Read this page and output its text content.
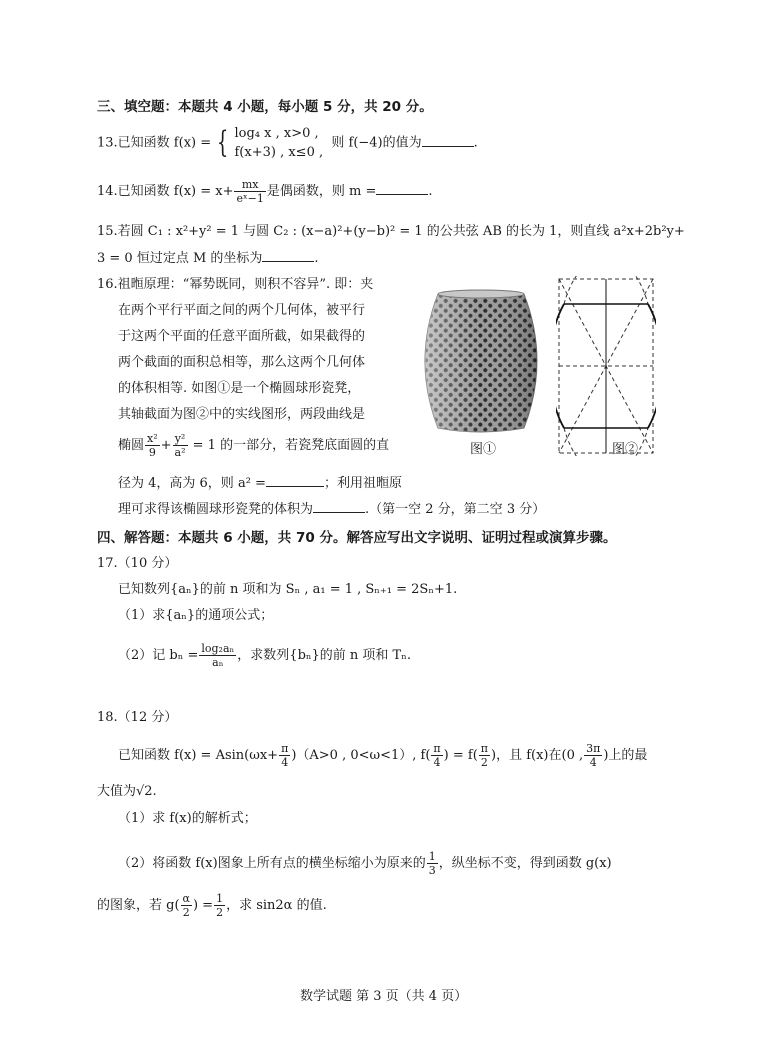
三、填空题：本题共 4 小题，每小题 5 分，共 20 分。
13.已知函数 f(x) = { log₄ x , x>0 ,
f(x+3) , x≤0 ,
则 f(−4)的值为	.
14.已知函数 $f(x) = x+ \frac{mx}{\text{eˣ−1}}$ 是偶函数，则 m =	.
15.若圆 C₁ : x²+y² = 1 与圆 C₂ : (x−a)²+(y−b)² = 1 的公共弦 AB 的长为 1，则直线 a²x+2b²y+
3 = 0 恒过定点 M 的坐标为	.
16.祖暅原理：“幂势既同，则积不容异”. 即：夹
在两个平行平面之间的两个几何体，被平行
于这两个平面的任意平面所截，如果截得的
两个截面的面积总相等，那么这两个几何体
的体积相等. 如图①是一个椭圆球形瓷凳，
其轴截面为图②中的实线图形，两段曲线是
椭圆 $\frac{\text{x²}}{9} + \frac{\text{y²}}{\text{a²}} = 1$ 的一部分，若瓷凳底面圆的直
径为 4，高为 6，则 a² =	；利用祖暅原
理可求得该椭圆球形瓷凳的体积为	.（第一空 2 分，第二空 3 分）
图①	图②
四、解答题：本题共 6 小题，共 70 分。解答应写出文字说明、证明过程或演算步骤。
17.（10 分）
已知数列{aₙ}的前 n 项和为 Sₙ , a₁ = 1 , Sₙ₊₁ = 2Sₙ+1.
（1）求{aₙ}的通项公式；
（2）记 $b_n = \frac{\text{log₂aₙ}}{\text{aₙ}}$ ，求数列{bₙ}的前 n 项和 Tₙ.
18.（12 分）
已知函数 $f(x) = Asin(\omega x+ \frac{\pi}{4} )(A>0$ , 0<ω<1）, $f( \frac{\pi}{4}$ ) = $f( \frac{\pi}{2}$ )，且 f(x)在(0 , $\frac{3\pi}{4}$ )上的最
大值为√2.
（1）求 f(x)的解析式；
（2）将函数 f(x)图象上所有点的横坐标缩小为原来的 $\frac{1}{3}$ ，纵坐标不变，得到函数 g(x)
的图象，若 $g( \frac{\alpha}{2}$ ) = $\frac{1}{2}$ ，求 sin2α 的值.
数学试题 第 3 页（共 4 页）
